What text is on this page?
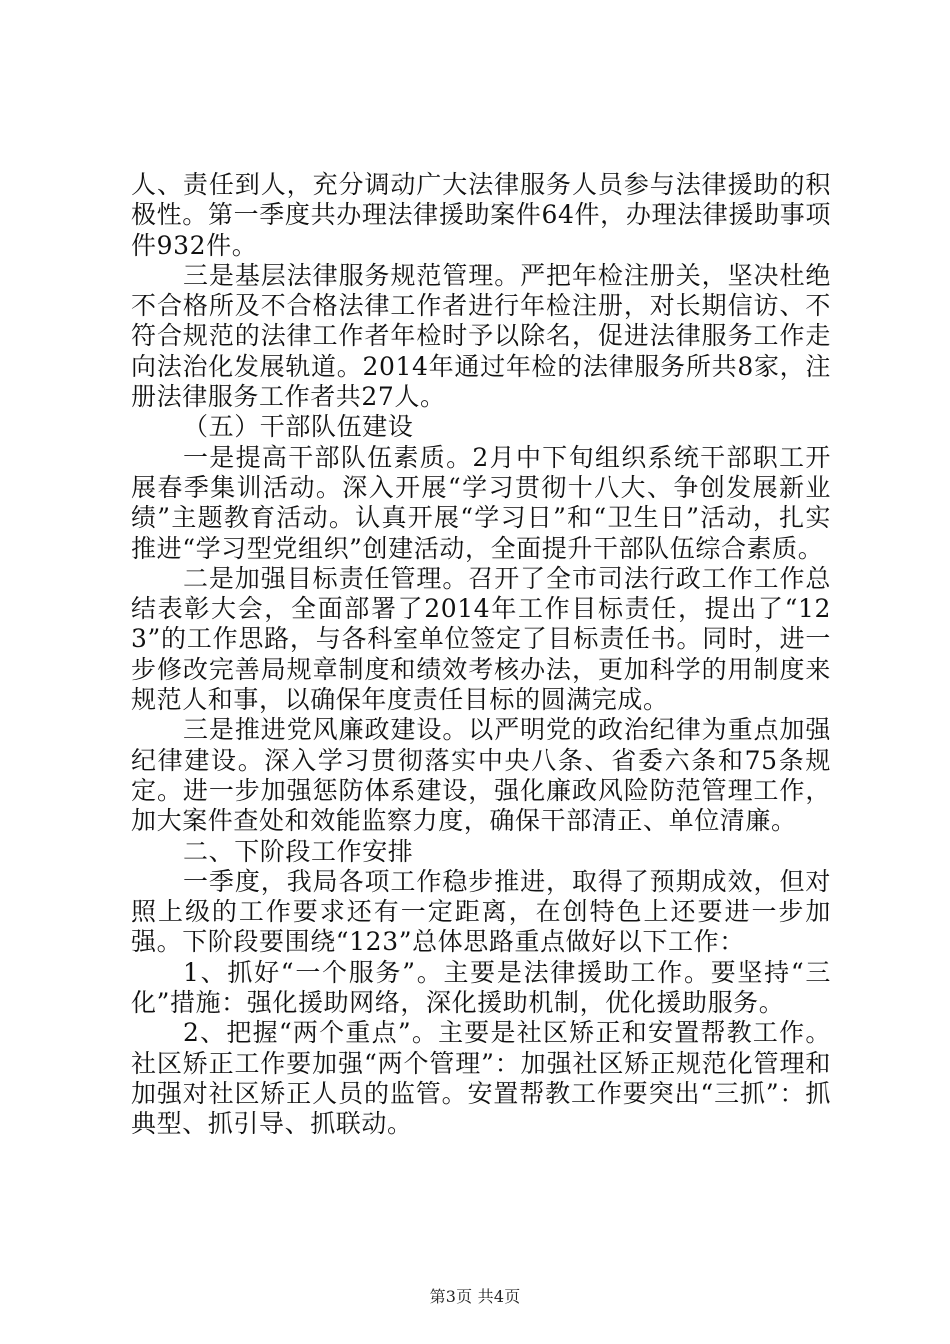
人、责任到人，充分调动广大法律服务人员参与法律援助的积极性。第一季度共办理法律援助案件64件，办理法律援助事项件932件。

三是基层法律服务规范管理。严把年检注册关，坚决杜绝不合格所及不合格法律工作者进行年检注册，对长期信访、不符合规范的法律工作者年检时予以除名，促进法律服务工作走向法治化发展轨道。2014年通过年检的法律服务所共8家，注册法律服务工作者共27人。

（五）干部队伍建设

一是提高干部队伍素质。2月中下旬组织系统干部职工开展春季集训活动。深入开展“学习贯彻十八大、争创发展新业绩”主题教育活动。认真开展“学习日”和“卫生日”活动，扎实推进“学习型党组织”创建活动，全面提升干部队伍综合素质。

二是加强目标责任管理。召开了全市司法行政工作工作总结表彰大会，全面部署了2014年工作目标责任，提出了“123”的工作思路，与各科室单位签定了目标责任书。同时，进一步修改完善局规章制度和绩效考核办法，更加科学的用制度来规范人和事，以确保年度责任目标的圆满完成。

三是推进党风廉政建设。以严明党的政治纪律为重点加强纪律建设。深入学习贯彻落实中央八条、省委六条和75条规定。进一步加强惩防体系建设，强化廉政风险防范管理工作，加大案件查处和效能监察力度，确保干部清正、单位清廉。

二、下阶段工作安排

一季度，我局各项工作稳步推进，取得了预期成效，但对照上级的工作要求还有一定距离，在创特色上还要进一步加强。下阶段要围绕“123”总体思路重点做好以下工作：

1、抓好“一个服务”。主要是法律援助工作。要坚持“三化”措施：强化援助网络，深化援助机制，优化援助服务。

2、把握“两个重点”。主要是社区矫正和安置帮教工作。社区矫正工作要加强“两个管理”：加强社区矫正规范化管理和加强对社区矫正人员的监管。安置帮教工作要突出“三抓”：抓典型、抓引导、抓联动。

第3页 共4页
